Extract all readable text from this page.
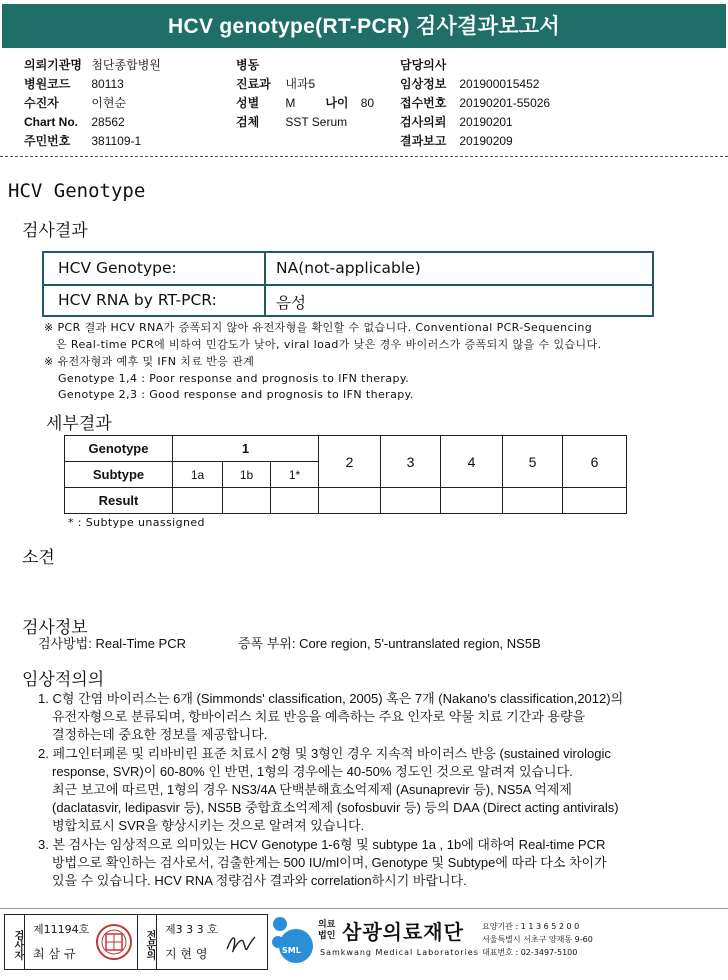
HCV genotype(RT-PCR) 검사결과보고서
의뢰기관명 첨단종합병원
병원코드 80113
수진자	이현순
Chart No. 28562
주민번호 381109-1
병동
진료과 내과5
성별 M	나이 80
검체 SST Serum
담당의사
임상정보 201900015452
접수번호 20190201-55026
검사의뢰 20190201
결과보고 20190209
HCV Genotype
검사결과
HCV Genotype:	NA(not-applicable)
HCV RNA by RT-PCR:	음성
※ PCR 결과 HCV RNA가 증폭되지 않아 유전자형을 확인할 수 없습니다. Conventional PCR-Sequencing
은 Real-time PCR에 비하여 민감도가 낮아, viral load가 낮은 경우 바이러스가 증폭되지 않을 수 있습니다.
※ 유전자형과 예후 및 IFN 치료 반응 관계
Genotype 1,4 : Poor response and prognosis to IFN therapy.
Genotype 2,3 : Good response and prognosis to IFN therapy.
세부결과
Genotype	1			2	3	4	5	6
Subtype	1a	1b	1*					
Result								
* : Subtype unassigned
소견
검사정보
검사방법: Real-Time PCR	증폭 부위: Core region, 5'-untranslated region, NS5B
임상적의의
1. C형 간염 바이러스는 6개 (Simmonds' classification, 2005) 혹은 7개 (Nakano's classification,2012)의
유전자형으로 분류되며, 항바이러스 치료 반응을 예측하는 주요 인자로 약물 치료 기간과 용량을
결정하는데 중요한 정보를 제공합니다.
2. 페그인터페론 및 리바비린 표준 치료시 2형 및 3형인 경우 지속적 바이러스 반응 (sustained virologic
response, SVR)이 60-80% 인 반면, 1형의 경우에는 40-50% 정도인 것으로 알려져 있습니다.
최근 보고에 따르면, 1형의 경우 NS3/4A 단백분해효소억제제 (Asunaprevir 등), NS5A 억제제
(daclatasvir, ledipasvir 등), NS5B 중합효소억제제 (sofosbuvir 등) 등의 DAA (Direct acting antivirals)
병합치료시 SVR을 향상시키는 것으로 알려져 있습니다.
3. 본 검사는 임상적으로 의미있는 HCV Genotype 1-6형 및 subtype 1a , 1b에 대하여 Real-time PCR
방법으로 확인하는 검사로서, 검출한계는 500 IU/ml이며, Genotype 및 Subtype에 따라 다소 차이가
있을 수 있습니다. HCV RNA 정량검사 결과와 correlation하시기 바랍니다.
검사자
제11194호
최 삼 규	전문의
제3 3 3 호
지 현 영	SML
의료
법인 삼광의료재단
Samkwang Medical Laboratories
요양기관 : 1 1 3 6 5 2 0 0
서울특별시 서초구 양재동 9-60
대표번호 : 02-3497-5100
